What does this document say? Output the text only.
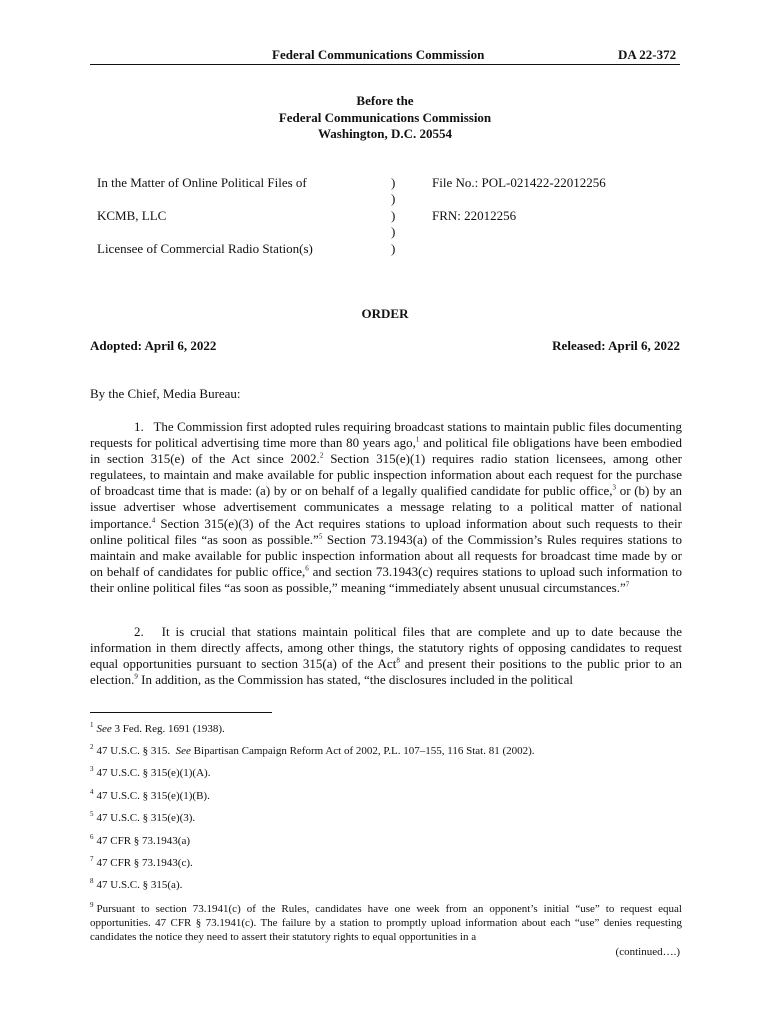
Federal Communications Commission	DA 22-372
Before the
Federal Communications Commission
Washington, D.C. 20554
In the Matter of Online Political Files of
KCMB, LLC
Licensee of Commercial Radio Station(s)
)
)
)
)
)
File No.: POL-021422-22012256
FRN: 22012256
ORDER
Adopted: April 6, 2022	Released: April 6, 2022
By the Chief, Media Bureau:
1. The Commission first adopted rules requiring broadcast stations to maintain public files documenting requests for political advertising time more than 80 years ago,$^1$ and political file obligations have been embodied in section 315(e) of the Act since 2002.$^2$ Section 315(e)(1) requires radio station licensees, among other regulatees, to maintain and make available for public inspection information about each request for the purchase of broadcast time that is made: (a) by or on behalf of a legally qualified candidate for public office,$^3$ or (b) by an issue advertiser whose advertisement communicates a message relating to a political matter of national importance.$^4$ Section 315(e)(3) of the Act requires stations to upload information about such requests to their online political files “as soon as possible.”$^5$ Section 73.1943(a) of the Commission’s Rules requires stations to maintain and make available for public inspection information about all requests for broadcast time made by or on behalf of candidates for public office,$^6$ and section 73.1943(c) requires stations to upload such information to their online political files “as soon as possible,” meaning “immediately absent unusual circumstances.”$^7$
2. It is crucial that stations maintain political files that are complete and up to date because the information in them directly affects, among other things, the statutory rights of opposing candidates to request equal opportunities pursuant to section 315(a) of the Act$^8$ and present their positions to the public prior to an election.$^9$ In addition, as the Commission has stated, “the disclosures included in the political
$^1$ See 3 Fed. Reg. 1691 (1938).
$^2$ 47 U.S.C. § 315.  See Bipartisan Campaign Reform Act of 2002, P.L. 107–155, 116 Stat. 81 (2002).
$^3$ 47 U.S.C. § 315(e)(1)(A).
$^4$ 47 U.S.C. § 315(e)(1)(B).
$^5$ 47 U.S.C. § 315(e)(3).
$^6$ 47 CFR § 73.1943(a)
$^7$ 47 CFR § 73.1943(c).
$^8$ 47 U.S.C. § 315(a).
$^9$ Pursuant to section 73.1941(c) of the Rules, candidates have one week from an opponent’s initial “use” to request equal opportunities. 47 CFR § 73.1941(c). The failure by a station to promptly upload information about each “use” denies requesting candidates the notice they need to assert their statutory rights to equal opportunities in a
(continued….)
